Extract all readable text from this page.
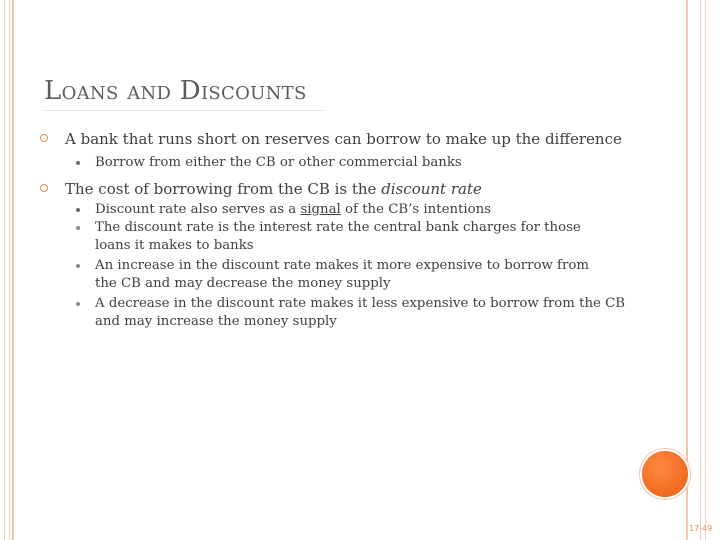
Loans and Discounts
A bank that runs short on reserves can borrow to make up the difference
Borrow from either the CB or other commercial banks
The cost of borrowing from the CB is the discount rate
Discount rate also serves as a signal of the CB’s intentions
The discount rate is the interest rate the central bank charges for those loans it makes to banks
An increase in the discount rate makes it more expensive to borrow from the CB and may decrease the money supply
A decrease in the discount rate makes it less expensive to borrow from the CB and may increase the money supply
17-49
